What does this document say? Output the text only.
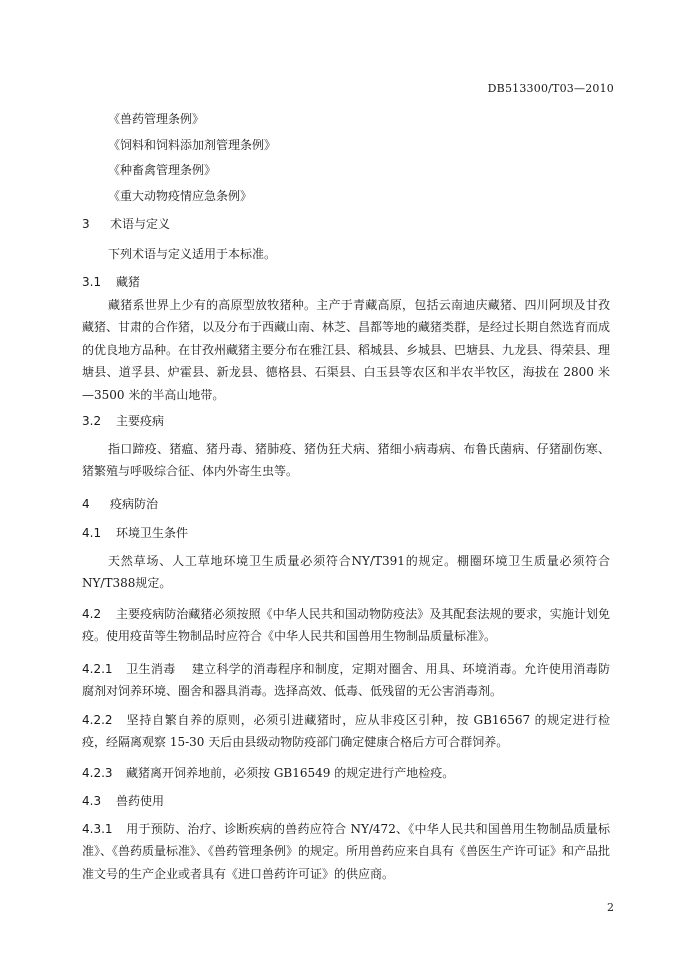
DB513300/T03—2010
《兽药管理条例》
《饲料和饲料添加剂管理条例》
《种畜禽管理条例》
《重大动物疫情应急条例》
3 术语与定义
下列术语与定义适用于本标准。
3.1 藏猪
藏猪系世界上少有的高原型放牧猪种。主产于青藏高原，包括云南迪庆藏猪、四川阿坝及甘孜藏猪、甘肃的合作猪，以及分布于西藏山南、林芝、昌都等地的藏猪类群，是经过长期自然选育而成的优良地方品种。在甘孜州藏猪主要分布在雅江县、稻城县、乡城县、巴塘县、九龙县、得荣县、理塘县、道孚县、炉霍县、新龙县、德格县、石渠县、白玉县等农区和半农半牧区，海拔在 2800 米—3500 米的半高山地带。
3.2 主要疫病
指口蹄疫、猪瘟、猪丹毒、猪肺疫、猪伪狂犬病、猪细小病毒病、布鲁氏菌病、仔猪副伤寒、猪繁殖与呼吸综合征、体内外寄生虫等。
4 疫病防治
4.1 环境卫生条件
天然草场、人工草地环境卫生质量必须符合NY/T391的规定。棚圈环境卫生质量必须符合NY/T388规定。
4.2 主要疫病防治藏猪必须按照《中华人民共和国动物防疫法》及其配套法规的要求，实施计划免疫。使用疫苗等生物制品时应符合《中华人民共和国兽用生物制品质量标准》。
4.2.1 卫生消毒 建立科学的消毒程序和制度，定期对圈舍、用具、环境消毒。允许使用消毒防腐剂对饲养环境、圈舍和器具消毒。选择高效、低毒、低残留的无公害消毒剂。
4.2.2 坚持自繁自养的原则，必须引进藏猪时，应从非疫区引种，按 GB16567 的规定进行检疫，经隔离观察 15-30 天后由县级动物防疫部门确定健康合格后方可合群饲养。
4.2.3 藏猪离开饲养地前，必须按 GB16549 的规定进行产地检疫。
4.3 兽药使用
4.3.1 用于预防、治疗、诊断疾病的兽药应符合 NY/472、《中华人民共和国兽用生物制品质量标准》、《兽药质量标准》、《兽药管理条例》的规定。所用兽药应来自具有《兽医生产许可证》和产品批准文号的生产企业或者具有《进口兽药许可证》的供应商。
2
